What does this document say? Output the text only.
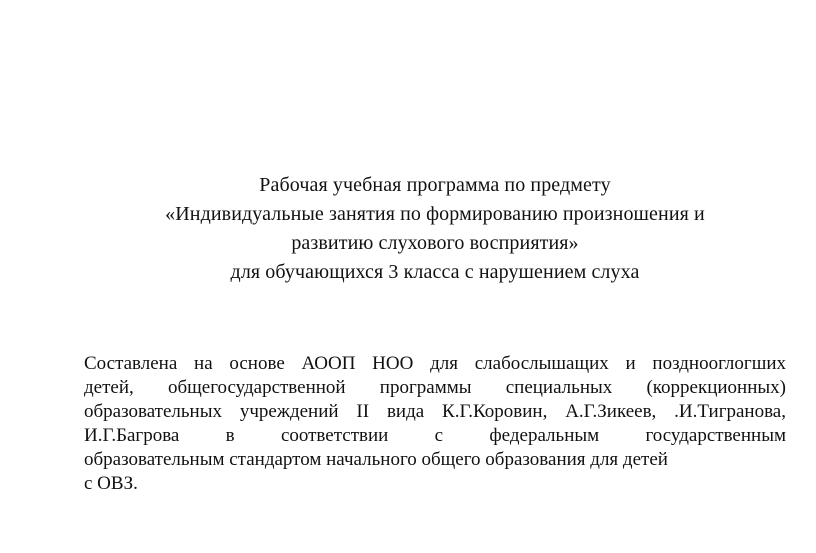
Рабочая учебная программа по предмету
«Индивидуальные занятия по формированию произношения и
развитию слухового восприятия»
для обучающихся 3 класса с нарушением слуха
Составлена на основе АООП НОО для слабослышащих и позднооглогших
детей, общегосударственной программы специальных (коррекционных)
образовательных учреждений II вида К.Г.Коровин, А.Г.Зикеев, .И.Тигранова,
И.Г.Багрова в соответствии с федеральным государственным
образовательным стандартом начального общего образования для детей
с ОВЗ.
